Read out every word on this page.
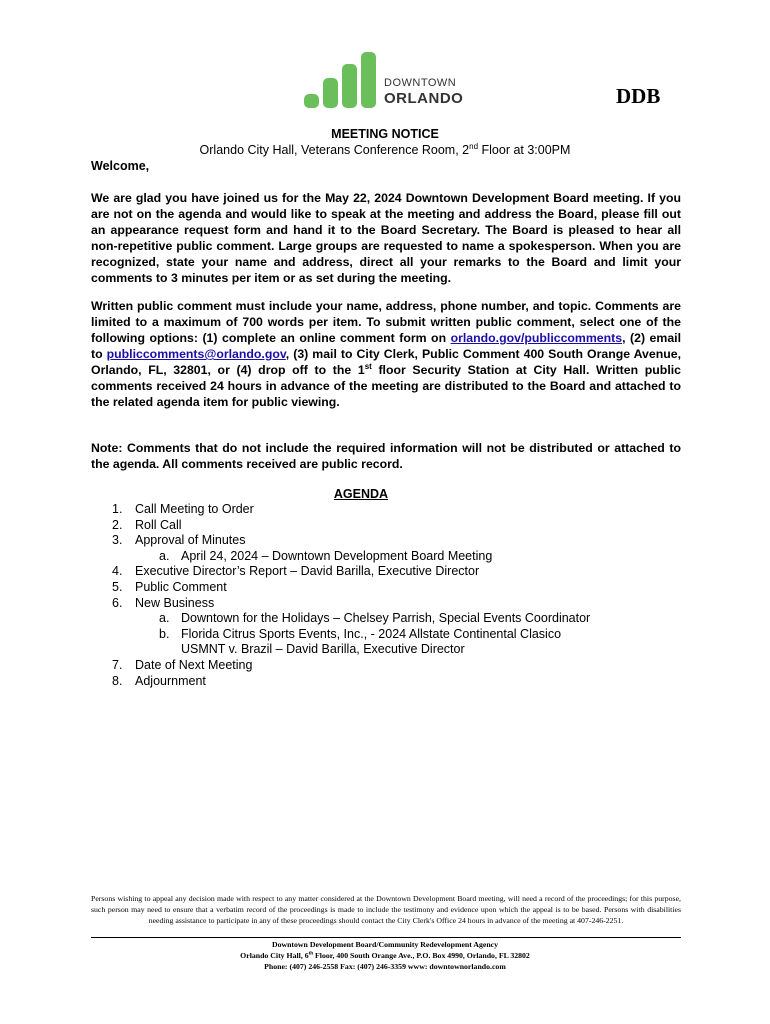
DOWNTOWN
ORLANDO	DDB
MEETING NOTICE
Orlando City Hall, Veterans Conference Room, 2nd Floor at 3:00PM
Welcome,

We are glad you have joined us for the May 22, 2024 Downtown Development Board meeting. If you are not on the agenda and would like to speak at the meeting and address the Board, please fill out an appearance request form and hand it to the Board Secretary. The Board is pleased to hear all non-repetitive public comment. Large groups are requested to name a spokesperson. When you are recognized, state your name and address, direct all your remarks to the Board and limit your comments to 3 minutes per item or as set during the meeting.

Written public comment must include your name, address, phone number, and topic. Comments are limited to a maximum of 700 words per item. To submit written public comment, select one of the following options: (1) complete an online comment form on orlando.gov/publiccomments, (2) email to publiccomments@orlando.gov, (3) mail to City Clerk, Public Comment 400 South Orange Avenue, Orlando, FL, 32801, or (4) drop off to the 1st floor Security Station at City Hall. Written public comments received 24 hours in advance of the meeting are distributed to the Board and attached to the related agenda item for public viewing.

Note: Comments that do not include the required information will not be distributed or attached to the agenda. All comments received are public record.

AGENDA
1.	Call Meeting to Order
2.	Roll Call
3.	Approval of Minutes
a. April 24, 2024 – Downtown Development Board Meeting
4.	Executive Director’s Report – David Barilla, Executive Director
5.	Public Comment
6.	New Business
a. Downtown for the Holidays – Chelsey Parrish, Special Events Coordinator
b. Florida Citrus Sports Events, Inc., - 2024 Allstate Continental Clasico
USMNT v. Brazil – David Barilla, Executive Director
7.	Date of Next Meeting
8.	Adjournment
Persons wishing to appeal any decision made with respect to any matter considered at the Downtown Development Board meeting, will need a record of the proceedings; for this purpose, such person may need to ensure that a verbatim record of the proceedings is made to include the testimony and evidence upon which the appeal is to be based. Persons with disabilities needing assistance to participate in any of these proceedings should contact the City Clerk's Office 24 hours in advance of the meeting at 407-246-2251.
Downtown Development Board/Community Redevelopment Agency
Orlando City Hall, 6th Floor, 400 South Orange Ave., P.O. Box 4990, Orlando, FL 32802
Phone: (407) 246-2558 Fax: (407) 246-3359 www: downtownorlando.com
